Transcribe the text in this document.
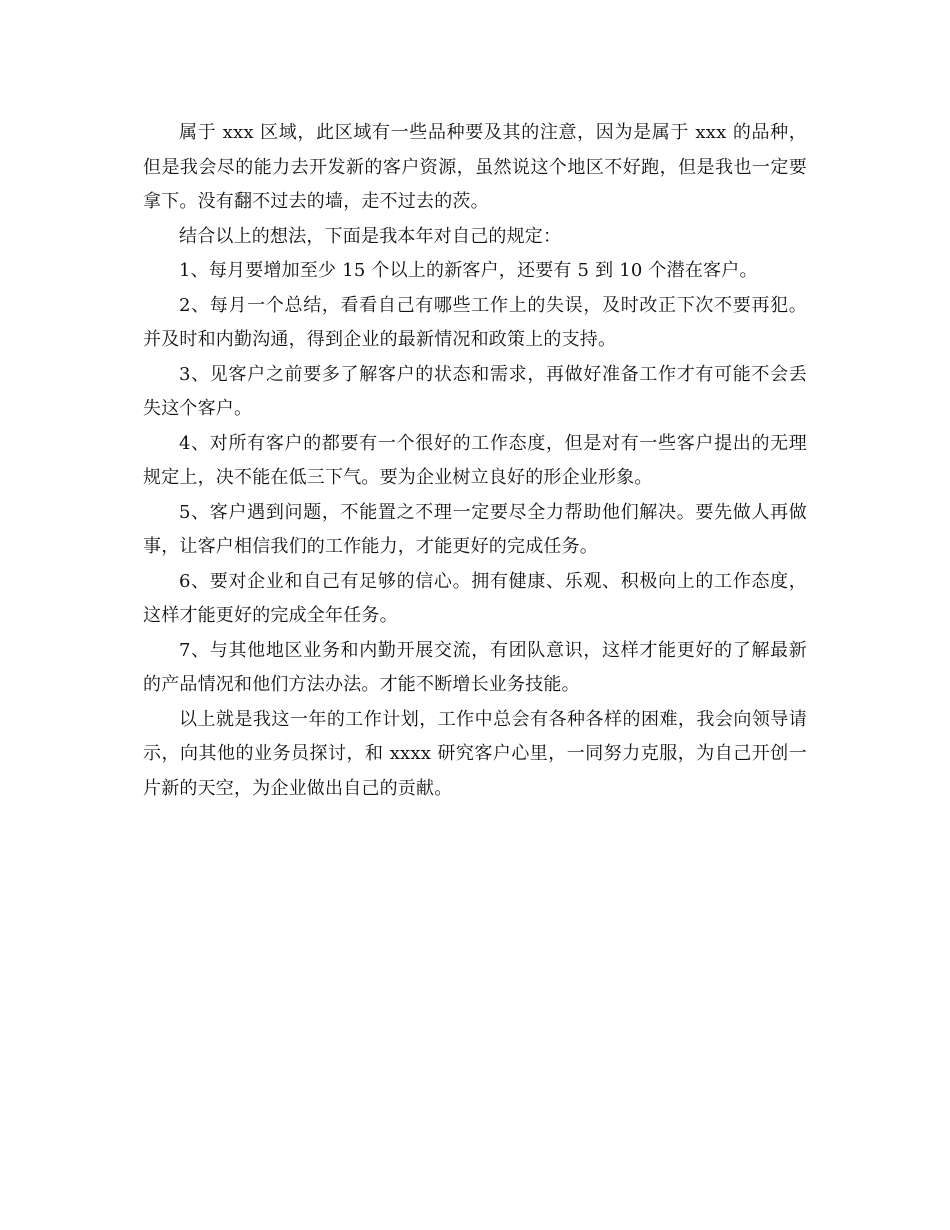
属于 xxx 区域，此区域有一些品种要及其的注意，因为是属于 xxx 的品种，但是我会尽的能力去开发新的客户资源，虽然说这个地区不好跑，但是我也一定要拿下。没有翻不过去的墙，走不过去的茨。

结合以上的想法，下面是我本年对自己的规定：

1、每月要增加至少 15 个以上的新客户，还要有 5 到 10 个潜在客户。

2、每月一个总结，看看自己有哪些工作上的失误，及时改正下次不要再犯。并及时和内勤沟通，得到企业的最新情况和政策上的支持。

3、见客户之前要多了解客户的状态和需求，再做好准备工作才有可能不会丢失这个客户。

4、对所有客户的都要有一个很好的工作态度，但是对有一些客户提出的无理规定上，决不能在低三下气。要为企业树立良好的形企业形象。

5、客户遇到问题，不能置之不理一定要尽全力帮助他们解决。要先做人再做事，让客户相信我们的工作能力，才能更好的完成任务。

6、要对企业和自己有足够的信心。拥有健康、乐观、积极向上的工作态度，这样才能更好的完成全年任务。

7、与其他地区业务和内勤开展交流，有团队意识，这样才能更好的了解最新的产品情况和他们方法办法。才能不断增长业务技能。

以上就是我这一年的工作计划，工作中总会有各种各样的困难，我会向领导请示，向其他的业务员探讨，和 xxxx 研究客户心里，一同努力克服，为自己开创一片新的天空，为企业做出自己的贡献。
